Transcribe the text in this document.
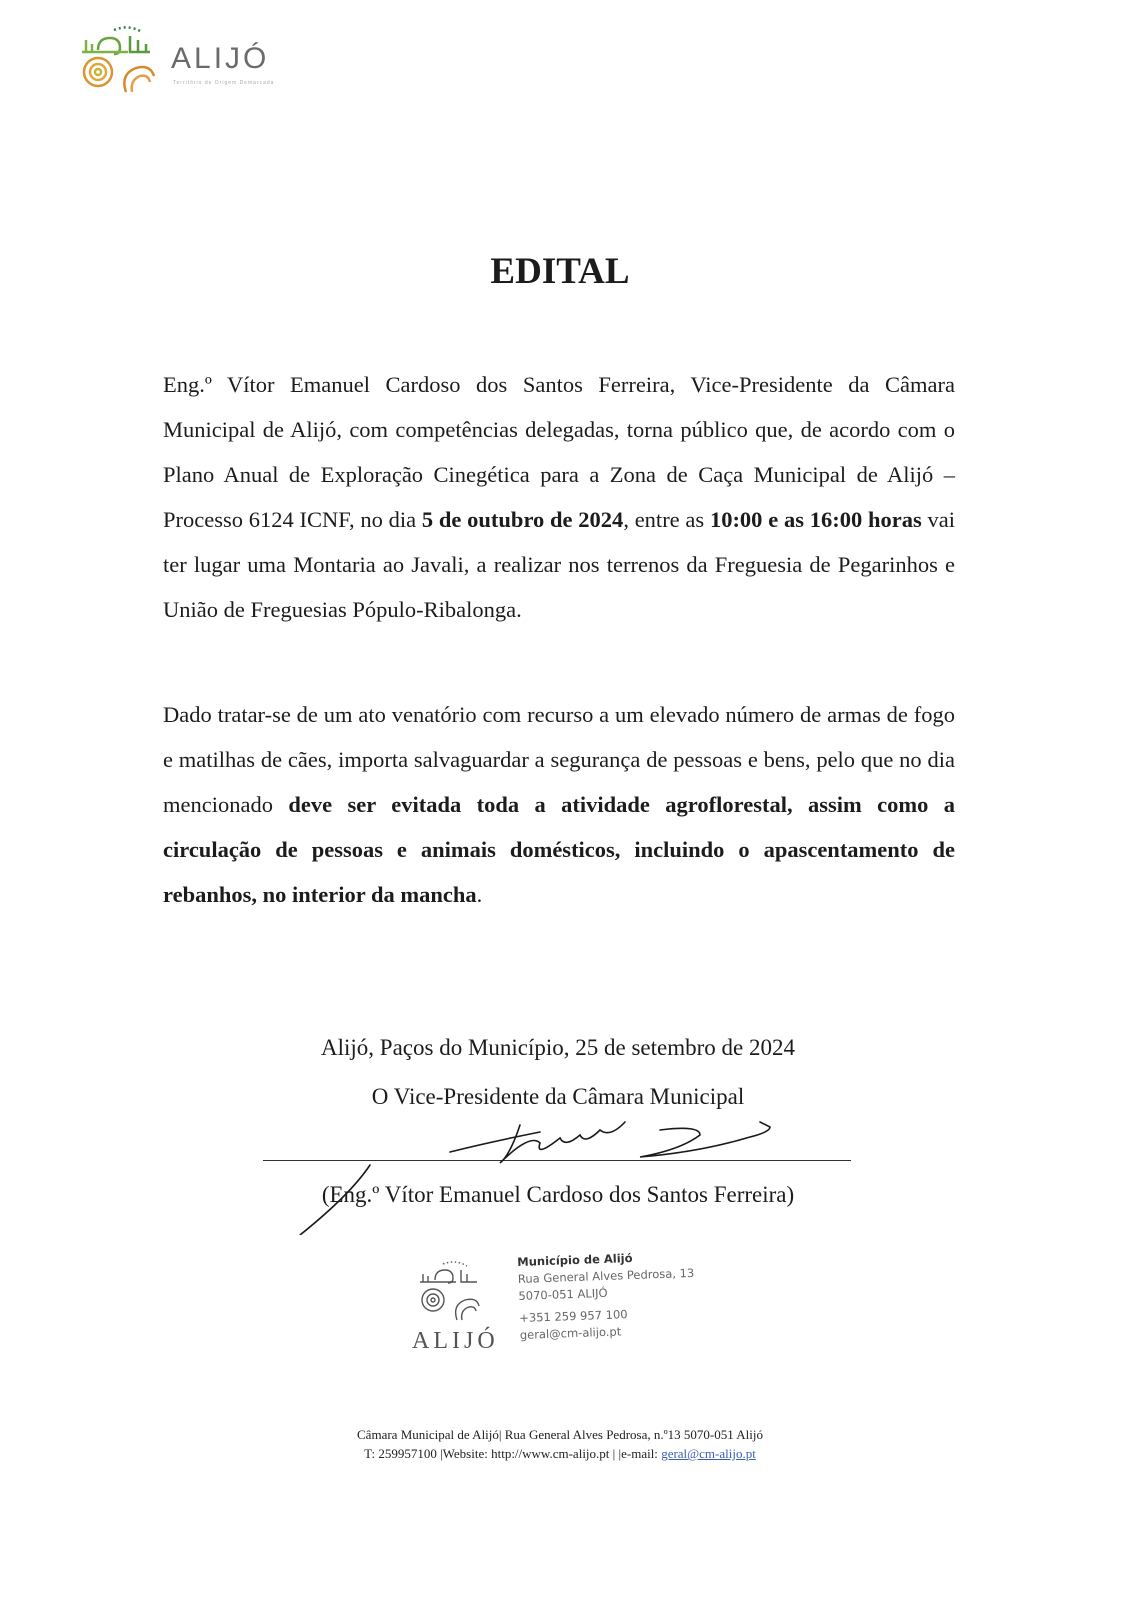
ALIJÓ
Território de Origem Demarcada
EDITAL
Eng.º Vítor Emanuel Cardoso dos Santos Ferreira, Vice-Presidente da Câmara Municipal de Alijó, com competências delegadas, torna público que, de acordo com o Plano Anual de Exploração Cinegética para a Zona de Caça Municipal de Alijó – Processo 6124 ICNF, no dia 5 de outubro de 2024, entre as 10:00 e as 16:00 horas vai ter lugar uma Montaria ao Javali, a realizar nos terrenos da Freguesia de Pegarinhos e União de Freguesias Pópulo-Ribalonga.
Dado tratar-se de um ato venatório com recurso a um elevado número de armas de fogo e matilhas de cães, importa salvaguardar a segurança de pessoas e bens, pelo que no dia mencionado deve ser evitada toda a atividade agroflorestal, assim como a circulação de pessoas e animais domésticos, incluindo o apascentamento de rebanhos, no interior da mancha.
Alijó, Paços do Município, 25 de setembro de 2024
O Vice-Presidente da Câmara Municipal
(Eng.º Vítor Emanuel Cardoso dos Santos Ferreira)
ALIJÓ
Município de Alijó
Rua General Alves Pedrosa, 13
5070-051 ALIJÓ
+351 259 957 100
geral@cm-alijo.pt
Câmara Municipal de Alijó| Rua General Alves Pedrosa, n.º13 5070-051 Alijó
T: 259957100 |Website: http://www.cm-alijo.pt | |e-mail: geral@cm-alijo.pt
